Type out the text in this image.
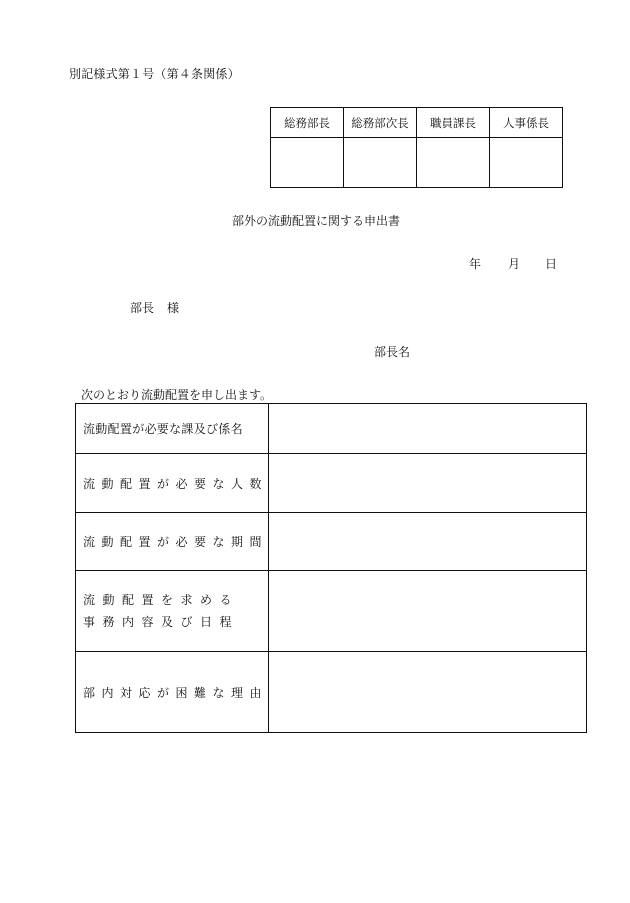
別記様式第１号（第４条関係）
総務部長	総務部次長	職員課長	人事係長

部外の流動配置に関する申出書
年 月 日
部長 様
部長名
次のとおり流動配置を申し出ます。
流動配置が必要な課及び係名	
流動配置が必要な人数	
流動配置が必要な期間	

流動配置を求める
事務内容及び日程	

部内対応が困難な理由	
